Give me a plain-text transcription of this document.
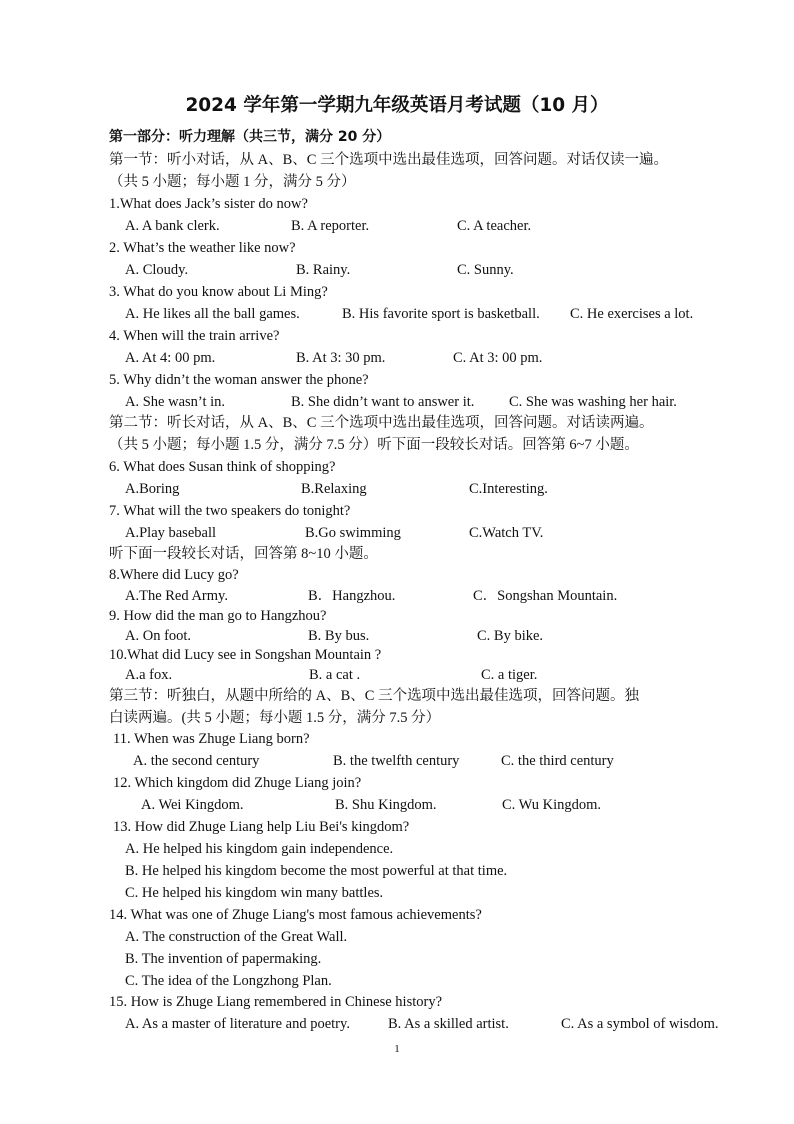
2024 学年第一学期九年级英语月考试题（10 月）
第一部分：听力理解（共三节，满分 20 分）
第一节：听小对话，从 A、B、C 三个选项中选出最佳选项，回答问题。对话仅读一遍。
（共 5 小题；每小题 1 分，满分 5 分）
1.What does Jack’s sister do now?
A. A bank clerk.	B. A reporter.	C. A teacher.
2. What’s the weather like now?
A. Cloudy.	B. Rainy.	C. Sunny.
3. What do you know about Li Ming?
A. He likes all the ball games.	B. His favorite sport is basketball. C. He exercises a lot.
4. When will the train arrive?
A. At 4: 00 pm.	B. At 3: 30 pm.	C. At 3: 00 pm.
5. Why didn’t the woman answer the phone?
A. She wasn’t in.	B. She didn’t want to answer it. C. She was washing her hair.
第二节：听长对话，从 A、B、C 三个选项中选出最佳选项，回答问题。对话读两遍。
（共 5 小题；每小题 1.5 分，满分 7.5 分）听下面一段较长对话。回答第 6~7 小题。
6. What does Susan think of shopping?
A.Boring	B.Relaxing	C.Interesting.
7. What will the two speakers do tonight?
A.Play baseball	B.Go swimming	C.Watch TV.
听下面一段较长对话，回答第 8~10 小题。
8.Where did Lucy go?
A.The Red Army.	B．Hangzhou.	C．Songshan Mountain.
9. How did the man go to Hangzhou?
A. On foot.	B. By bus.	C. By bike.
10.What did Lucy see in Songshan Mountain ?
A.a fox.	B. a cat .	C. a tiger.
第三节：听独白，从题中所给的 A、B、C 三个选项中选出最佳选项，回答问题。独
白读两遍。(共 5 小题；每小题 1.5 分，满分 7.5 分）
11. When was Zhuge Liang born?
A. the second century	B. the twelfth century	C. the third century
12. Which kingdom did Zhuge Liang join?
A. Wei Kingdom.	B. Shu Kingdom.	C. Wu Kingdom.
13. How did Zhuge Liang help Liu Bei's kingdom?
A. He helped his kingdom gain independence.
B. He helped his kingdom become the most powerful at that time.
C. He helped his kingdom win many battles.
14. What was one of Zhuge Liang's most famous achievements?
A. The construction of the Great Wall.
B. The invention of papermaking.
C. The idea of the Longzhong Plan.
15. How is Zhuge Liang remembered in Chinese history?
A. As a master of literature and poetry.	B. As a skilled artist.	C. As a symbol of wisdom.
1
